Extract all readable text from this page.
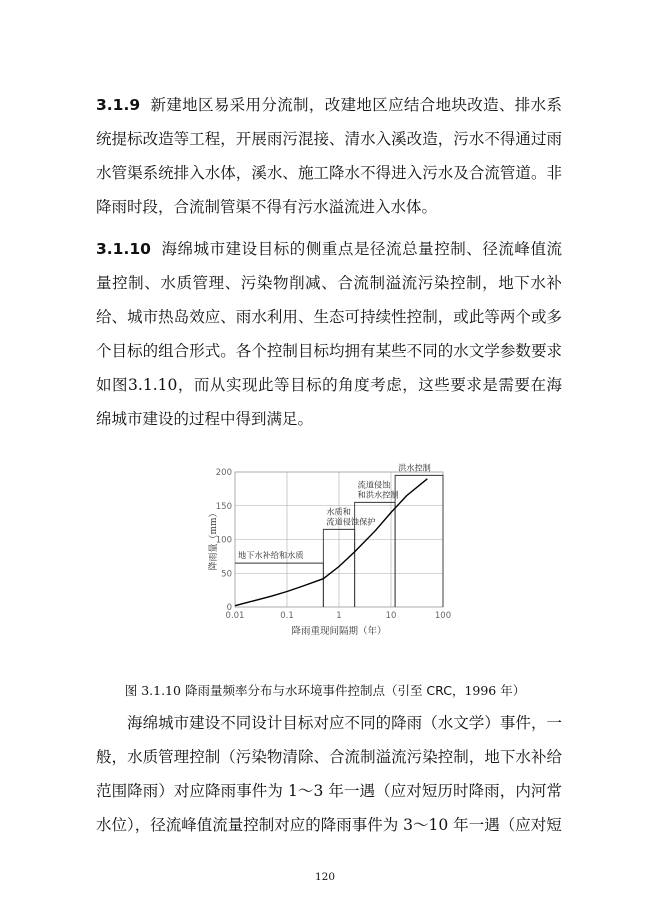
3.1.9 新建地区易采用分流制，改建地区应结合地块改造、排水系统提标改造等工程，开展雨污混接、清水入溪改造，污水不得通过雨水管渠系统排入水体，溪水、施工降水不得进入污水及合流管道。非降雨时段，合流制管渠不得有污水溢流进入水体。

3.1.10 海绵城市建设目标的侧重点是径流总量控制、径流峰值流量控制、水质管理、污染物削减、合流制溢流污染控制，地下水补给、城市热岛效应、雨水利用、生态可持续性控制，或此等两个或多个目标的组合形式。各个控制目标均拥有某些不同的水文学参数要求如图3.1.10，而从实现此等目标的角度考虑，这些要求是需要在海绵城市建设的过程中得到满足。

0
50
100
150
200
0.01	0.1	1	10	100
降雨重现间隔期（年）
降雨量（mm） 地下水补给和水质
水质和流道侵蚀保护
流道侵蚀和洪水控制
洪水控制
图 3.1.10 降雨量频率分布与水环境事件控制点（引至 CRC，1996 年）

海绵城市建设不同设计目标对应不同的降雨（水文学）事件，一般，水质管理控制（污染物清除、合流制溢流污染控制，地下水补给范围降雨）对应降雨事件为 1～3 年一遇（应对短历时降雨，内河常水位），径流峰值流量控制对应的降雨事件为 3～10 年一遇（应对短

120
